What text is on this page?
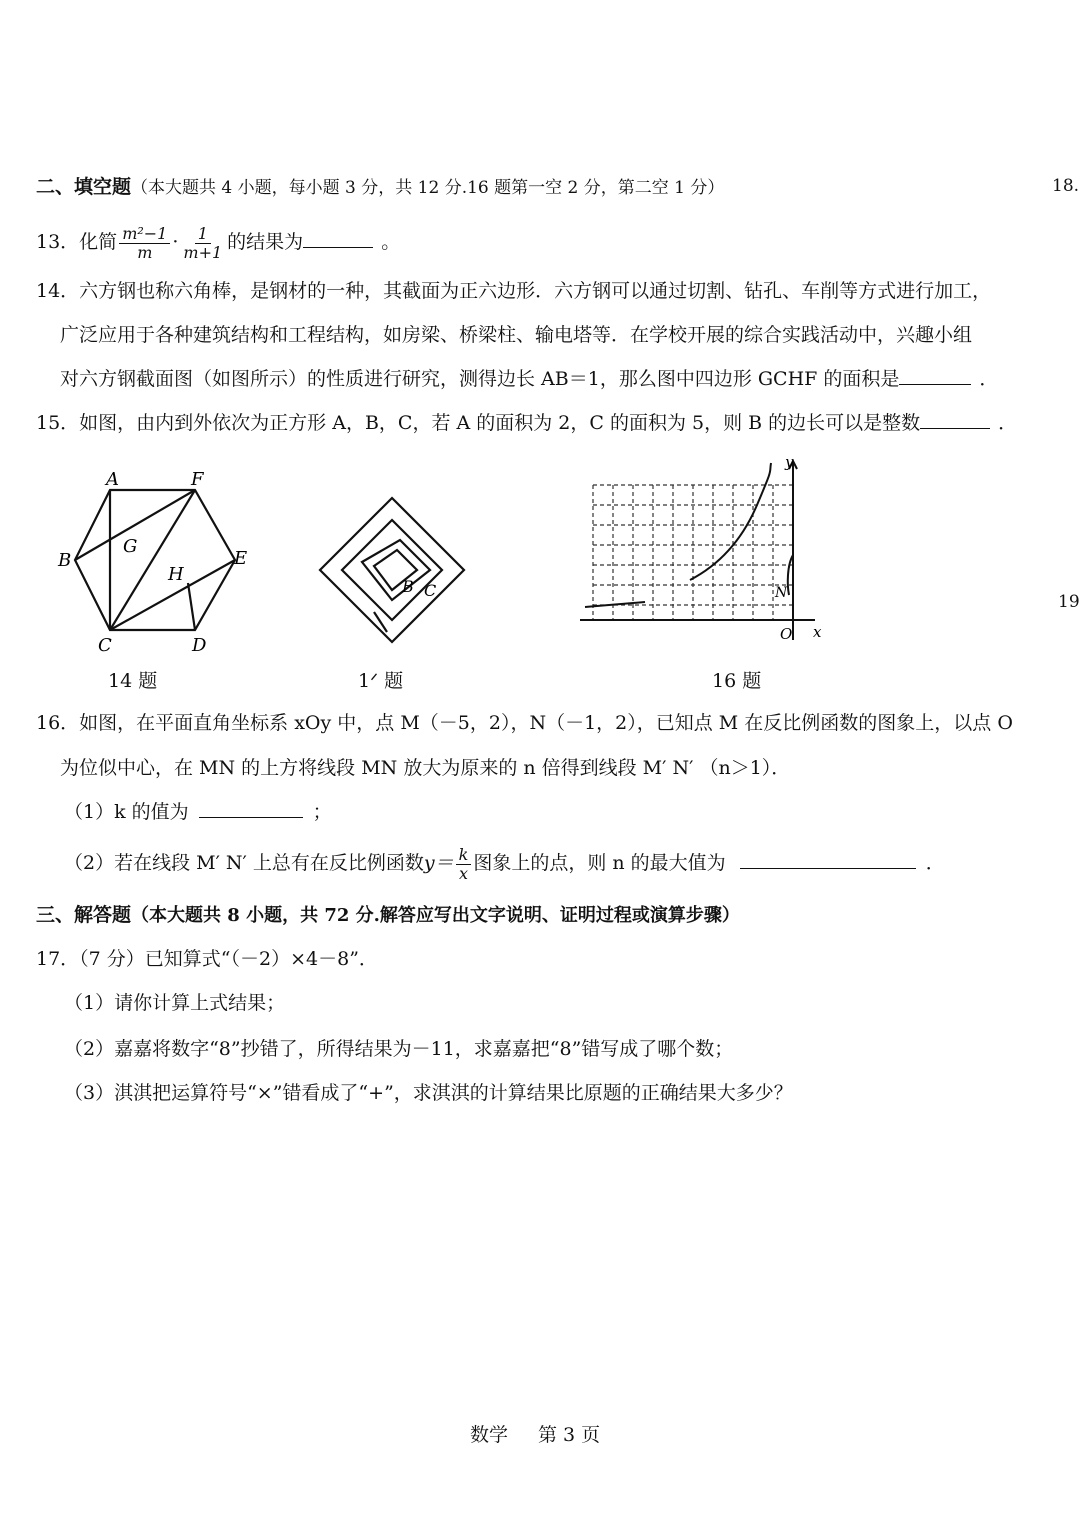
18.
19
二、填空题（本大题共 4 小题，每小题 3 分，共 12 分.16 题第一空 2 分，第二空 1 分）
13．化简 $\frac{\text{m²−1}}{m} \cdot \frac{1}{m+1}$ 的结果为	。
14．六方钢也称六角棒，是钢材的一种，其截面为正六边形．六方钢可以通过切割、钻孔、车削等方式进行加工，
广泛应用于各种建筑结构和工程结构，如房梁、桥梁柱、输电塔等．在学校开展的综合实践活动中，兴趣小组
对六方钢截面图（如图所示）的性质进行研究，测得边长 AB＝1，那么图中四边形 GCHF 的面积是	．
15．如图，由内到外依次为正方形 A，B，C，若 A 的面积为 2，C 的面积为 5，则 B 的边长可以是整数	．
A	F
B
G
E
H
C	D
14 题
B C
1ᐟ 题
y
x
O
N
16 题
16．如图，在平面直角坐标系 xOy 中，点 M（－5，2），N（－1，2），已知点 M 在反比例函数的图象上，以点 O
为位似中心，在 MN 的上方将线段 MN 放大为原来的 n 倍得到线段 M′ N′ （n＞1）．
（1）k 的值为	；
（2）若在线段 M′ N′ 上总有在反比例函数$y= \frac{k}{x}$ 图象上的点，则 n 的最大值为	．
三、解答题（本大题共 8 小题，共 72 分.解答应写出文字说明、证明过程或演算步骤）
17．（7 分）已知算式“（－2）×4－8”．
（1）请你计算上式结果；
（2）嘉嘉将数字“8”抄错了，所得结果为－11，求嘉嘉把“8”错写成了哪个数；
（3）淇淇把运算符号“×”错看成了“+”，求淇淇的计算结果比原题的正确结果大多少？
数学 第 3 页
